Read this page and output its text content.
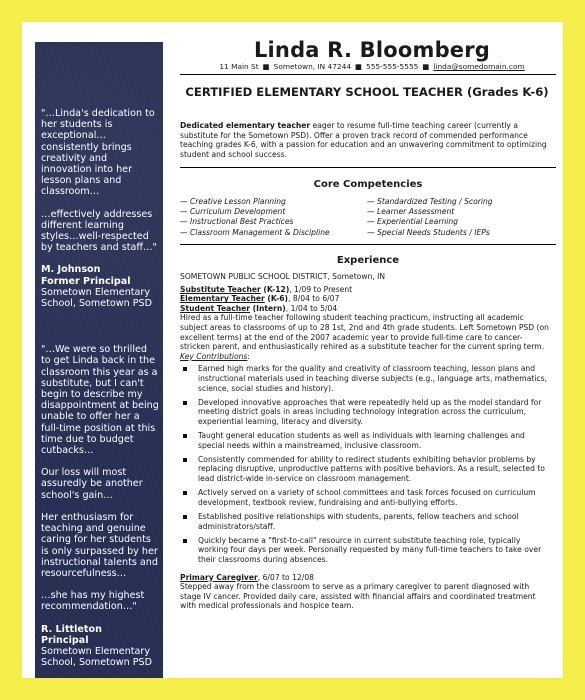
"…Linda's dedication to her students is exceptional… consistently brings creativity and innovation into her lesson plans and classroom…

…effectively addresses different learning styles…well-respected by teachers and staff…"

M. Johnson

Former Principal

Sometown Elementary School, Sometown PSD

"…We were so thrilled to get Linda back in the classroom this year as a substitute, but I can't begin to describe my disappointment at being unable to offer her a full-time position at this time due to budget cutbacks…

Our loss will most assuredly be another school's gain…

Her enthusiasm for teaching and genuine caring for her students is only surpassed by her instructional talents and resourcefulness…

…she has my highest recommendation…"

R. Littleton

Principal

Sometown Elementary School, Sometown PSD

Linda R. Bloomberg
11 Main St ■ Sometown, IN 47244 ■ 555-555-5555 ■ linda@somedomain.com
CERTIFIED ELEMENTARY SCHOOL TEACHER (Grades K-6)
Dedicated elementary teacher eager to resume full-time teaching career (currently a substitute for the Sometown PSD). Offer a proven track record of commended performance teaching grades K-6, with a passion for education and an unwavering commitment to optimizing student and school success.
Core Competencies
— Creative Lesson Planning
— Curriculum Development
— Instructional Best Practices
— Classroom Management & Discipline
— Standardized Testing / Scoring
— Learner Assessment
— Experiential Learning
— Special Needs Students / IEPs
Experience
SOMETOWN PUBLIC SCHOOL DISTRICT, Sometown, IN
Substitute Teacher (K-12), 1/09 to Present
Elementary Teacher (K-6), 8/04 to 6/07
Student Teacher (Intern), 1/04 to 5/04
Hired as a full-time teacher following student teaching practicum, instructing all academic subject areas to classrooms of up to 28 1st, 2nd and 4th grade students. Left Sometown PSD (on excellent terms) at the end of the 2007 academic year to provide full-time care to cancer-stricken parent, and enthusiastically rehired as a substitute teacher for the current spring term.
Key Contributions:
Earned high marks for the quality and creativity of classroom teaching, lesson plans and instructional materials used in teaching diverse subjects (e.g., language arts, mathematics, science, social studies and history).
Developed innovative approaches that were repeatedly held up as the model standard for meeting district goals in areas including technology integration across the curriculum, experiential learning, literacy and diversity.
Taught general education students as well as individuals with learning challenges and special needs within a mainstreamed, inclusive classroom.
Consistently commended for ability to redirect students exhibiting behavior problems by replacing disruptive, unproductive patterns with positive behaviors. As a result, selected to lead district-wide in-service on classroom management.
Actively served on a variety of school committees and task forces focused on curriculum development, textbook review, fundraising and anti-bullying efforts.
Established positive relationships with students, parents, fellow teachers and school administrators/staff.
Quickly became a "first-to-call" resource in current substitute teaching role, typically working four days per week. Personally requested by many full-time teachers to take over their classrooms during absences.
Primary Caregiver, 6/07 to 12/08
Stepped away from the classroom to serve as a primary caregiver to parent diagnosed with stage IV cancer. Provided daily care, assisted with financial affairs and coordinated treatment with medical professionals and hospice team.
